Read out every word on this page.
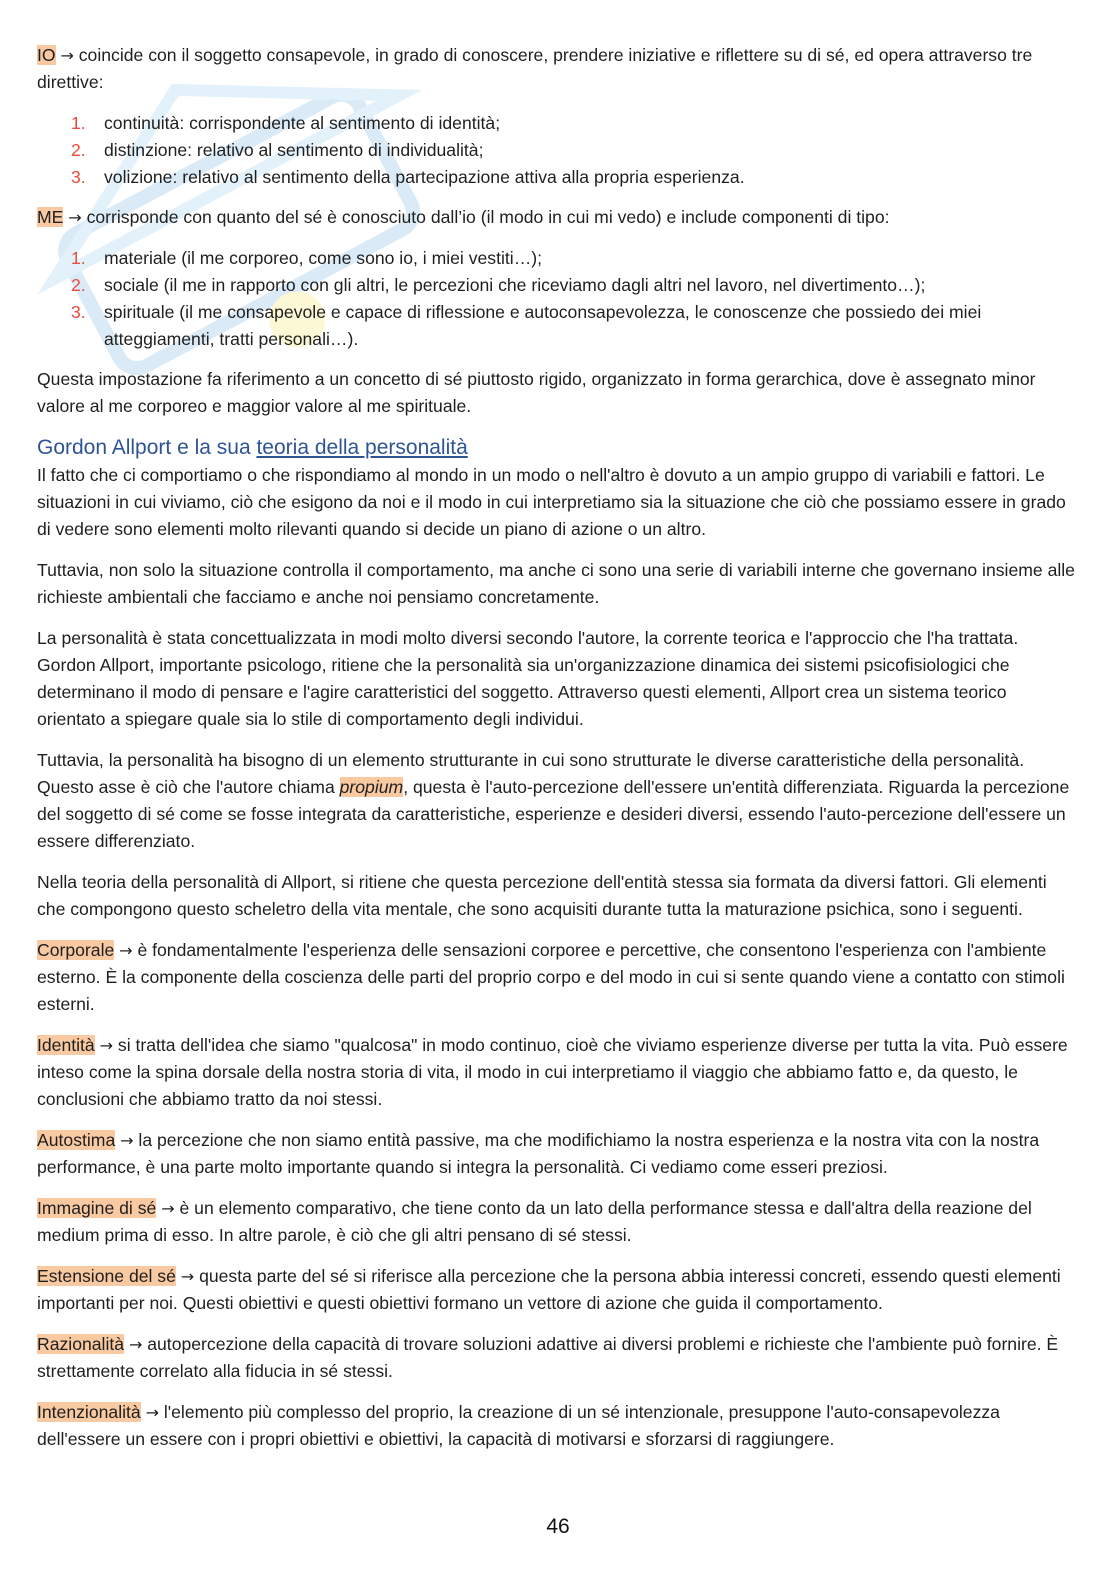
IO → coincide con il soggetto consapevole, in grado di conoscere, prendere iniziative e riflettere su di sé, ed opera attraverso tre direttive:

1. continuità: corrispondente al sentimento di identità;
2. distinzione: relativo al sentimento di individualità;
3. volizione: relativo al sentimento della partecipazione attiva alla propria esperienza.

ME → corrisponde con quanto del sé è conosciuto dall’io (il modo in cui mi vedo) e include componenti di tipo:

1. materiale (il me corporeo, come sono io, i miei vestiti…);
2. sociale (il me in rapporto con gli altri, le percezioni che riceviamo dagli altri nel lavoro, nel divertimento…);
3. spirituale (il me consapevole e capace di riflessione e autoconsapevolezza, le conoscenze che possiedo dei miei atteggiamenti, tratti personali…).

Questa impostazione fa riferimento a un concetto di sé piuttosto rigido, organizzato in forma gerarchica, dove è assegnato minor valore al me corporeo e maggior valore al me spirituale.

Gordon Allport e la sua teoria della personalità

Il fatto che ci comportiamo o che rispondiamo al mondo in un modo o nell'altro è dovuto a un ampio gruppo di variabili e fattori. Le situazioni in cui viviamo, ciò che esigono da noi e il modo in cui interpretiamo sia la situazione che ciò che possiamo essere in grado di vedere sono elementi molto rilevanti quando si decide un piano di azione o un altro.

Tuttavia, non solo la situazione controlla il comportamento, ma anche ci sono una serie di variabili interne che governano insieme alle richieste ambientali che facciamo e anche noi pensiamo concretamente.

La personalità è stata concettualizzata in modi molto diversi secondo l'autore, la corrente teorica e l'approccio che l'ha trattata. Gordon Allport, importante psicologo, ritiene che la personalità sia un'organizzazione dinamica dei sistemi psicofisiologici che determinano il modo di pensare e l'agire caratteristici del soggetto. Attraverso questi elementi, Allport crea un sistema teorico orientato a spiegare quale sia lo stile di comportamento degli individui.

Tuttavia, la personalità ha bisogno di un elemento strutturante in cui sono strutturate le diverse caratteristiche della personalità. Questo asse è ciò che l'autore chiama propium, questa è l'auto-percezione dell'essere un'entità differenziata. Riguarda la percezione del soggetto di sé come se fosse integrata da caratteristiche, esperienze e desideri diversi, essendo l'auto-percezione dell'essere un essere differenziato.

Nella teoria della personalità di Allport, si ritiene che questa percezione dell'entità stessa sia formata da diversi fattori. Gli elementi che compongono questo scheletro della vita mentale, che sono acquisiti durante tutta la maturazione psichica, sono i seguenti.

Corporale → è fondamentalmente l'esperienza delle sensazioni corporee e percettive, che consentono l'esperienza con l'ambiente esterno. È la componente della coscienza delle parti del proprio corpo e del modo in cui si sente quando viene a contatto con stimoli esterni.

Identità → si tratta dell'idea che siamo "qualcosa" in modo continuo, cioè che viviamo esperienze diverse per tutta la vita. Può essere inteso come la spina dorsale della nostra storia di vita, il modo in cui interpretiamo il viaggio che abbiamo fatto e, da questo, le conclusioni che abbiamo tratto da noi stessi.

Autostima → la percezione che non siamo entità passive, ma che modifichiamo la nostra esperienza e la nostra vita con la nostra performance, è una parte molto importante quando si integra la personalità. Ci vediamo come esseri preziosi.

Immagine di sé → è un elemento comparativo, che tiene conto da un lato della performance stessa e dall'altra della reazione del medium prima di esso. In altre parole, è ciò che gli altri pensano di sé stessi.

Estensione del sé → questa parte del sé si riferisce alla percezione che la persona abbia interessi concreti, essendo questi elementi importanti per noi. Questi obiettivi e questi obiettivi formano un vettore di azione che guida il comportamento.

Razionalità → autopercezione della capacità di trovare soluzioni adattive ai diversi problemi e richieste che l'ambiente può fornire. È strettamente correlato alla fiducia in sé stessi.

Intenzionalità → l'elemento più complesso del proprio, la creazione di un sé intenzionale, presuppone l'auto-consapevolezza dell'essere un essere con i propri obiettivi e obiettivi, la capacità di motivarsi e sforzarsi di raggiungere.

46
